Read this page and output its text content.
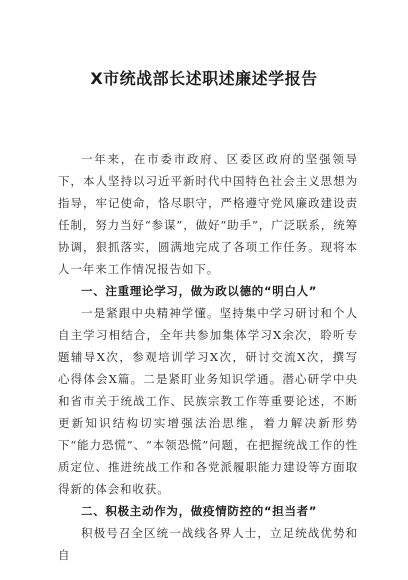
X市统战部长述职述廉述学报告

一年来，在市委市政府、区委区政府的坚强领导下，本人坚持以习近平新时代中国特色社会主义思想为指导，牢记使命，恪尽职守，严格遵守党风廉政建设责任制，努力当好“参谋”，做好“助手”，广泛联系，统筹协调，狠抓落实，圆满地完成了各项工作任务。现将本人一年来工作情况报告如下。

一、注重理论学习，做为政以德的“明白人”

一是紧跟中央精神学懂。坚持集中学习研讨和个人自主学习相结合，全年共参加集体学习X余次，聆听专题辅导X次，参观培训学习X次，研讨交流X次，撰写心得体会X篇。二是紧盯业务知识学通。潜心研学中央和省市关于统战工作、民族宗教工作等重要论述，不断更新知识结构切实增强法治思维，着力解决新形势下“能力恐慌”、“本领恐慌”问题，在把握统战工作的性质定位、推进统战工作和各党派履职能力建设等方面取得新的体会和收获。

二、积极主动作为，做疫情防控的“担当者”

积极号召全区统一战线各界人士，立足统战优势和自
